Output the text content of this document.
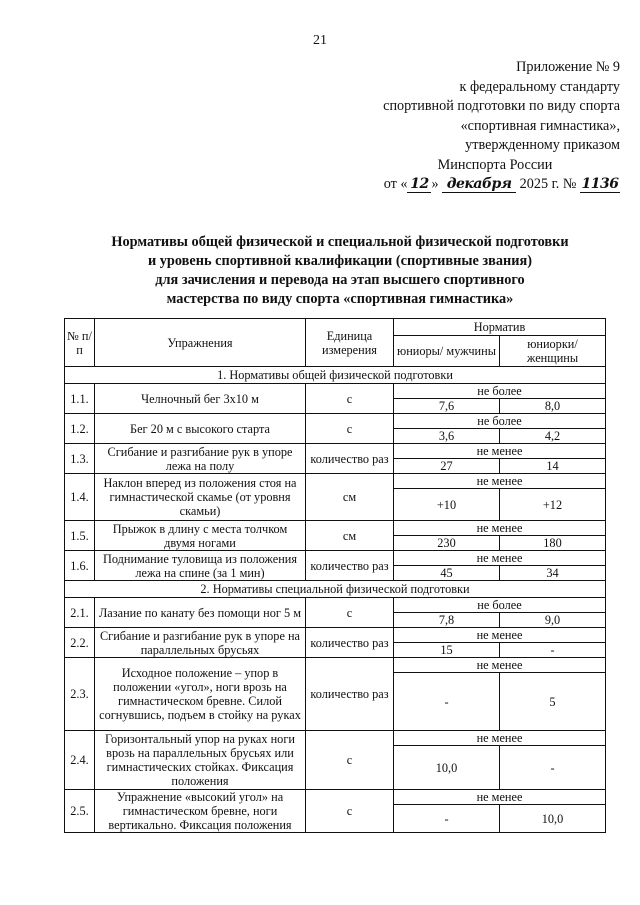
21
Приложение № 9
к федеральному стандарту
спортивной подготовки по виду спорта
«спортивная гимнастика»,
утвержденному приказом
Минспорта России
от « 12 » декабря 2025 г. № 1136
Нормативы общей физической и специальной физической подготовки
и уровень спортивной квалификации (спортивные звания)
для зачисления и перевода на этап высшего спортивного
мастерства по виду спорта «спортивная гимнастика»
№ п/п	Упражнения	Единица измерения	Норматив	
			юниоры/ мужчины	юниорки/ женщины
1. Нормативы общей физической подготовки				
1.1.	Челночный бег 3х10 м	с	не более	
			7,6	8,0
1.2.	Бег 20 м с высокого старта	с	не более	
			3,6	4,2
1.3.	Сгибание и разгибание рук в упоре лежа на полу	количество раз	не менее	
			27	14
1.4.	Наклон вперед из положения стоя на гимнастической скамье (от уровня скамьи)	см	не менее	
			+10	+12
1.5.	Прыжок в длину с места толчком двумя ногами	см	не менее	
			230	180
1.6.	Поднимание туловища из положения лежа на спине (за 1 мин)	количество раз	не менее	
			45	34
2. Нормативы специальной физической подготовки				
2.1.	Лазание по канату без помощи ног 5 м	с	не более	
			7,8	9,0
2.2.	Сгибание и разгибание рук в упоре на параллельных брусьях	количество раз	не менее	
			15	-
2.3.	Исходное положение – упор в положении «угол», ноги врозь на гимнастическом бревне. Силой согнувшись, подъем в стойку на руках	количество раз	не менее	
			-	5
2.4.	Горизонтальный упор на руках ноги врозь на параллельных брусьях или гимнастических стойках. Фиксация положения	с	не менее	
			10,0	-
2.5.	Упражнение «высокий угол» на гимнастическом бревне, ноги вертикально. Фиксация положения	с	не менее	
			-	10,0
